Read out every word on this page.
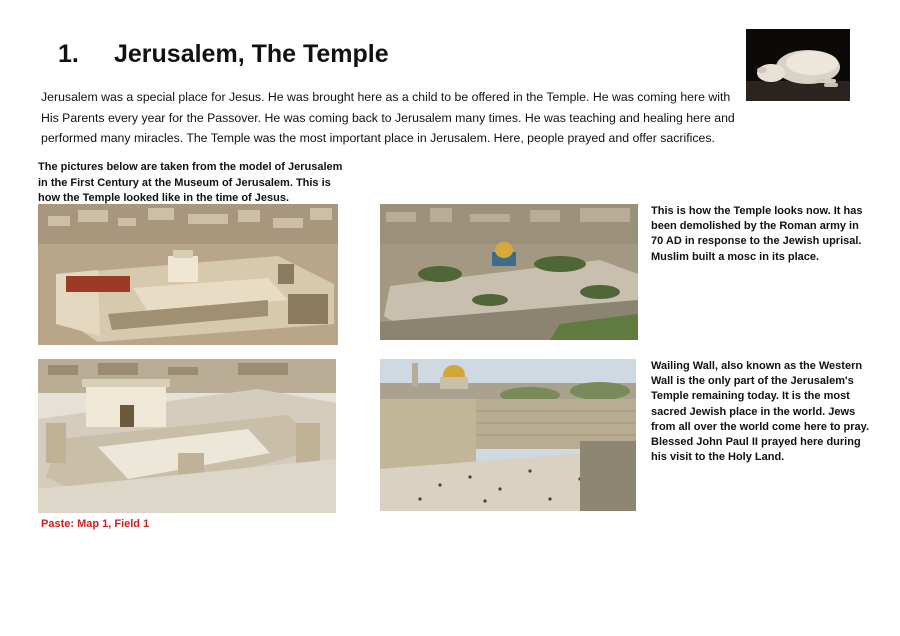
1. Jerusalem, The Temple
Jerusalem was a special place for Jesus. He was brought here as a child to be offered in the Temple. He was coming here with His Parents every year for the Passover. He was coming back to Jerusalem many times. He was teaching and healing here and performed many miracles. The Temple was the most important place in Jerusalem. Here, people prayed and offer sacrifices.
The pictures below are taken from the model of Jerusalem in the First Century at the Museum of Jerusalem. This is how the Temple looked like in the time of Jesus.
This is how the Temple looks now. It has been demolished by the Roman army in 70 AD in response to the Jewish uprisal. Muslim built a mosc in its place.
Wailing Wall, also known as the Western Wall is the only part of the Jerusalem's Temple remaining today. It is the most sacred Jewish place in the world. Jews from all over the world come here to pray. Blessed John Paul II prayed here during his visit to the Holy Land.
Paste: Map 1, Field 1
